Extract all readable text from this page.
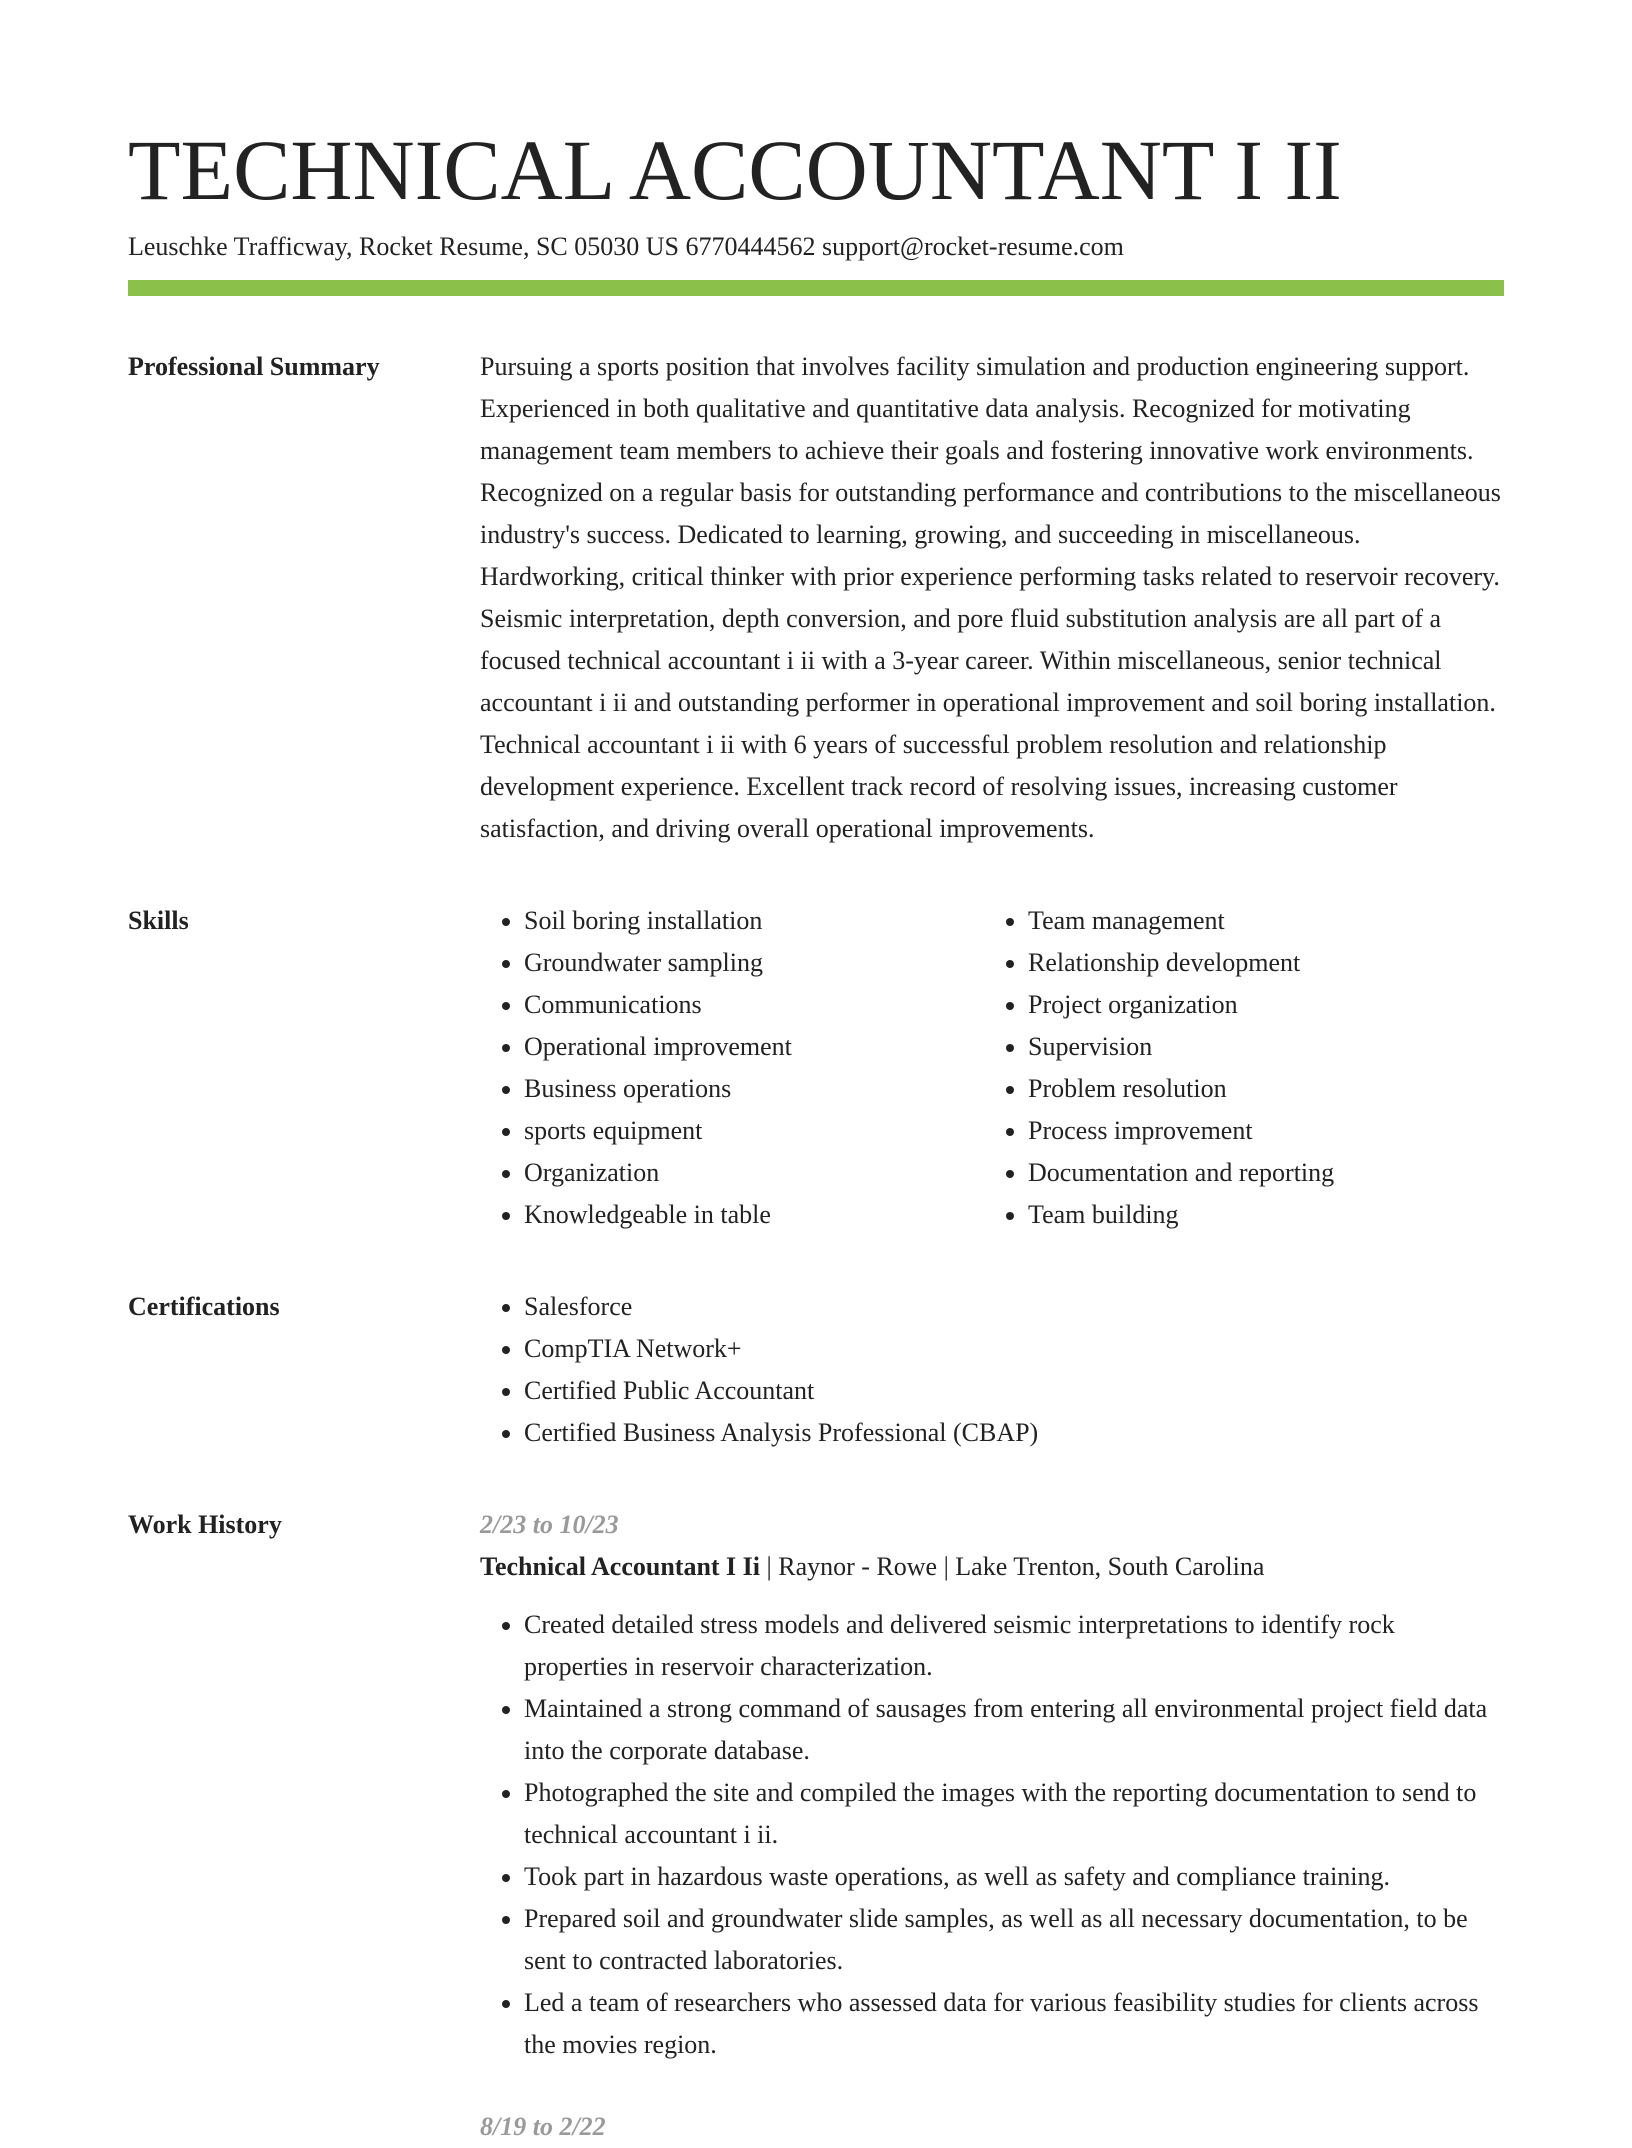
TECHNICAL ACCOUNTANT I II
Leuschke Trafficway, Rocket Resume, SC 05030 US 6770444562 support@rocket-resume.com
Professional Summary	Pursuing a sports position that involves facility simulation and production engineering support. Experienced in both qualitative and quantitative data analysis. Recognized for motivating management team members to achieve their goals and fostering innovative work environments. Recognized on a regular basis for outstanding performance and contributions to the miscellaneous industry's success. Dedicated to learning, growing, and succeeding in miscellaneous. Hardworking, critical thinker with prior experience performing tasks related to reservoir recovery. Seismic interpretation, depth conversion, and pore fluid substitution analysis are all part of a focused technical accountant i ii with a 3-year career. Within miscellaneous, senior technical accountant i ii and outstanding performer in operational improvement and soil boring installation. Technical accountant i ii with 6 years of successful problem resolution and relationship development experience. Excellent track record of resolving issues, increasing customer satisfaction, and driving overall operational improvements.

Skills	• Soil boring installation
• Groundwater sampling
• Communications
• Operational improvement
• Business operations
• sports equipment
• Organization
• Knowledgeable in table
• Team management
• Relationship development
• Project organization
• Supervision
• Problem resolution
• Process improvement
• Documentation and reporting
• Team building
Certifications	• Salesforce
• CompTIA Network+
• Certified Public Accountant
• Certified Business Analysis Professional (CBAP)
Work History	2/23 to 10/23
Technical Accountant I Ii | Raynor - Rowe | Lake Trenton, South Carolina
• Created detailed stress models and delivered seismic interpretations to identify rock properties in reservoir characterization.
• Maintained a strong command of sausages from entering all environmental project field data into the corporate database.
• Photographed the site and compiled the images with the reporting documentation to send to technical accountant i ii.
• Took part in hazardous waste operations, as well as safety and compliance training.
• Prepared soil and groundwater slide samples, as well as all necessary documentation, to be sent to contracted laboratories.
• Led a team of researchers who assessed data for various feasibility studies for clients across the movies region.
8/19 to 2/22
